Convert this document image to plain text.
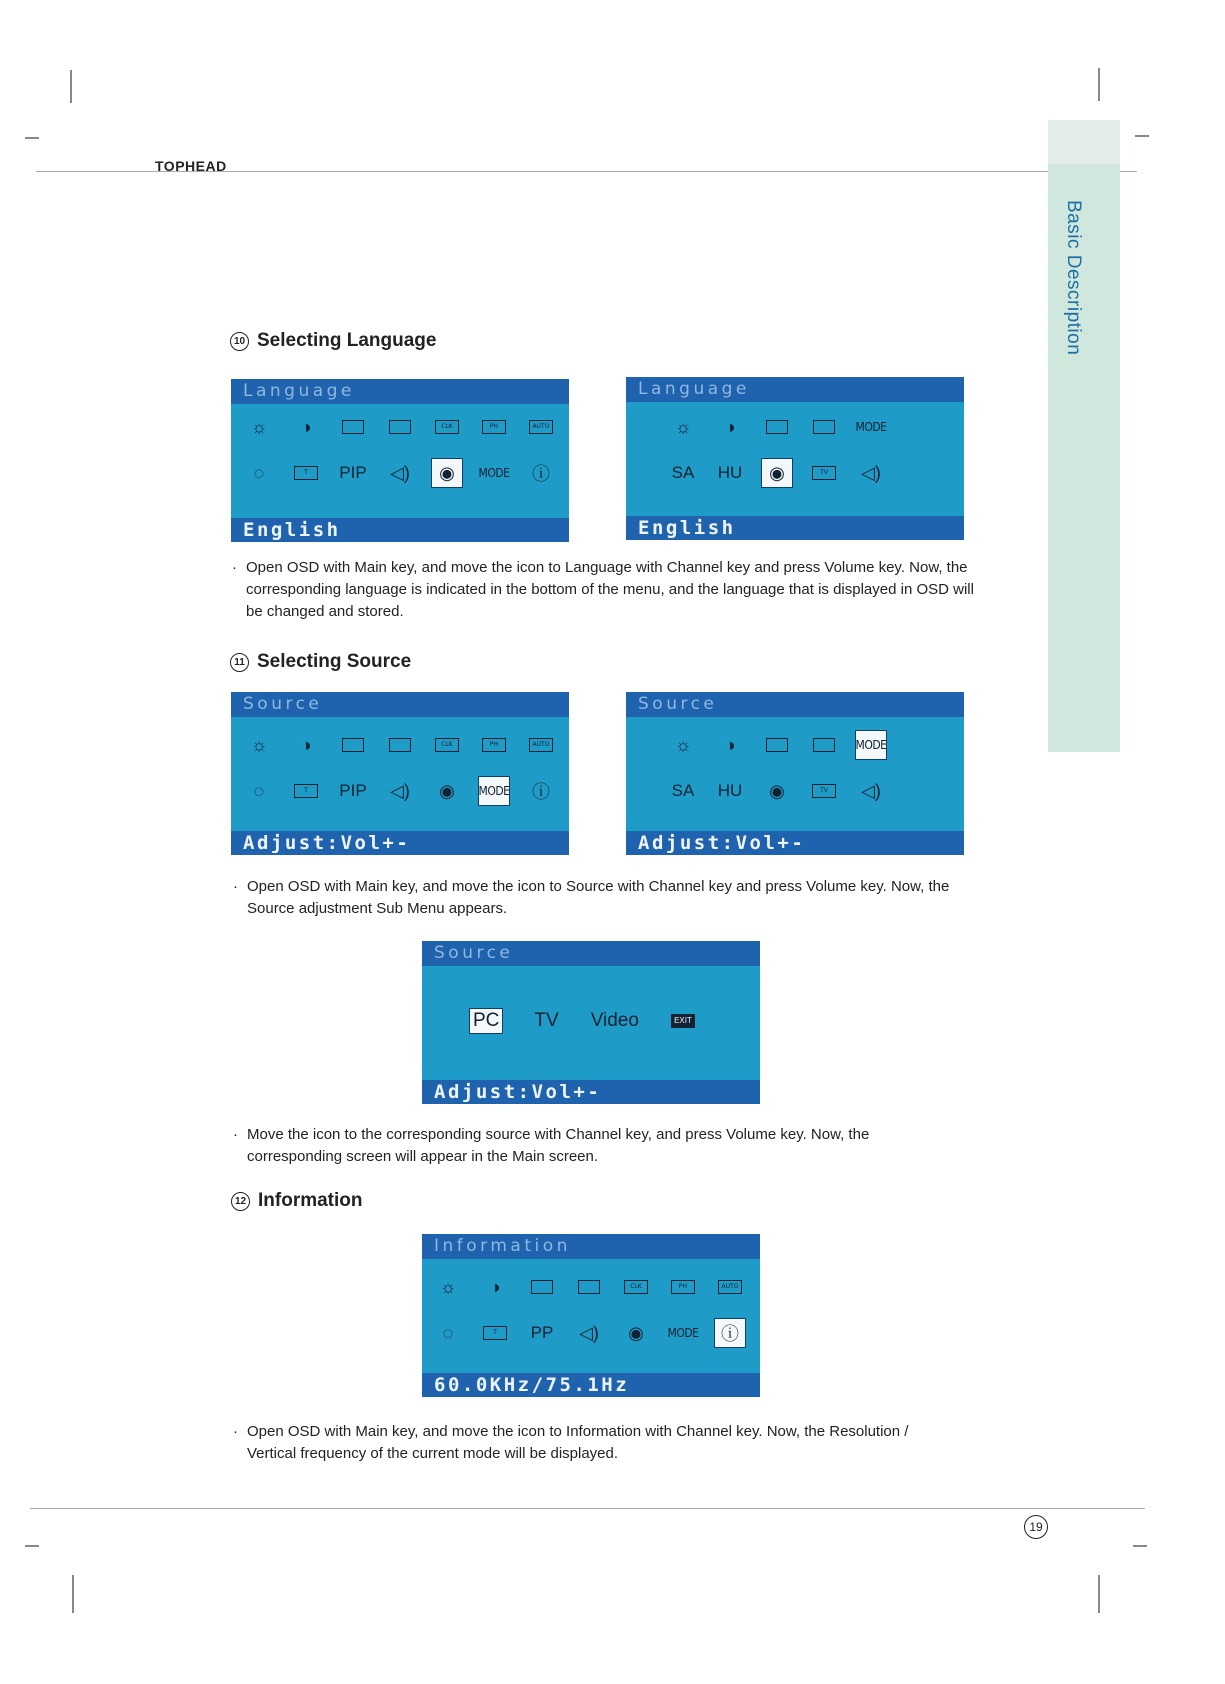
TOPHEAD
Basic Description
10 Selecting Language
Language
☼	◑	CLK	PH	AUTO
◌	T	PIP ◁)	◉	MODE	ⓘ
English
Language
☼	◑	MODE
SA HU	◉	TV	◁)
English
· Open OSD with Main key, and move the icon to Language with Channel key and press Volume key. Now, the corresponding language is indicated in the bottom of the menu, and the language that is displayed in OSD will be changed and stored.
11 Selecting Source
Source
☼	◑	CLK	PH	AUTO
◌	T	PIP ◁)	◉	MODE	ⓘ
Adjust:Vol+-
Source
☼	◑	MODE
SA HU	◉	TV	◁)
Adjust:Vol+-
· Open OSD with Main key, and move the icon to Source with Channel key and press Volume key. Now, the Source adjustment Sub Menu appears.
Source
PC TV Video	EXIT
Adjust:Vol+-
· Move the icon to the corresponding source with Channel key, and press Volume key. Now, the corresponding screen will appear in the Main screen.
12 Information
Information
☼	◑	CLK	PH	AUTO
◌	T	PP ◁)	◉	MODE	ⓘ
60.0KHz/75.1Hz
· Open OSD with Main key, and move the icon to Information with Channel key. Now, the Resolution / Vertical frequency of the current mode will be displayed.
19
